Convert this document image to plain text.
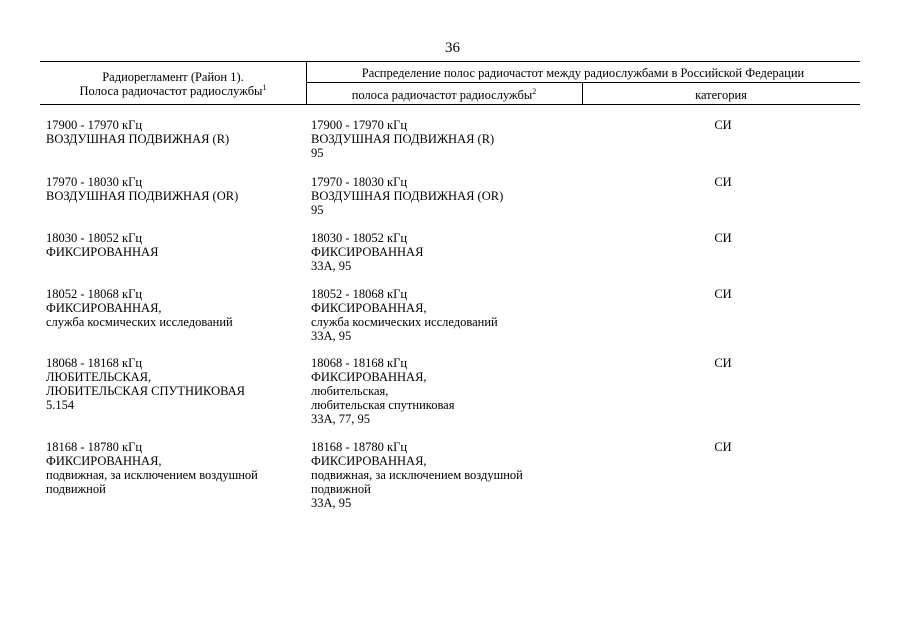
36
Радиорегламент (Район 1).
Полоса радиочастот радиослужбы$^1$
Распределение полос радиочастот между радиослужбами в Российской Федерации
полоса радиочастот радиослужбы$^2$	категория
17900 - 17970 кГц
ВОЗДУШНАЯ ПОДВИЖНАЯ (R)
17900 - 17970 кГц
ВОЗДУШНАЯ ПОДВИЖНАЯ (R)
95
СИ
17970 - 18030 кГц
ВОЗДУШНАЯ ПОДВИЖНАЯ (OR)
17970 - 18030 кГц
ВОЗДУШНАЯ ПОДВИЖНАЯ (OR)
95
СИ
18030 - 18052 кГц
ФИКСИРОВАННАЯ
18030 - 18052 кГц
ФИКСИРОВАННАЯ
33А, 95
СИ
18052 - 18068 кГц
ФИКСИРОВАННАЯ,
служба космических исследований
18052 - 18068 кГц
ФИКСИРОВАННАЯ,
служба космических исследований
33А, 95
СИ
18068 - 18168 кГц
ЛЮБИТЕЛЬСКАЯ,
ЛЮБИТЕЛЬСКАЯ СПУТНИКОВАЯ
5.154
18068 - 18168 кГц
ФИКСИРОВАННАЯ,
любительская,
любительская спутниковая
33А, 77, 95
СИ
18168 - 18780 кГц
ФИКСИРОВАННАЯ,
подвижная, за исключением воздушной
подвижной
18168 - 18780 кГц
ФИКСИРОВАННАЯ,
подвижная, за исключением воздушной
подвижной
33А, 95
СИ
